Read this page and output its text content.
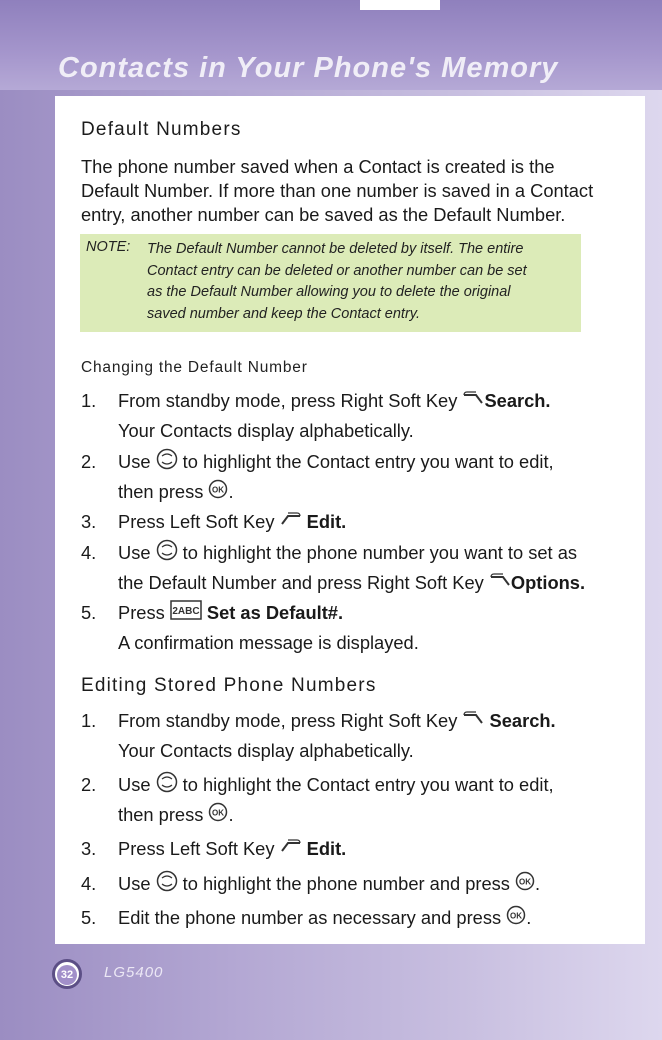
Contacts in Your Phone's Memory
Default Numbers
The phone number saved when a Contact is created is the
Default Number. If more than one number is saved in a Contact
entry, another number can be saved as the Default Number.
NOTE: The Default Number cannot be deleted by itself. The entire
Contact entry can be deleted or another number can be set
as the Default Number allowing you to delete the original
saved number and keep the Contact entry.
Changing the Default Number
1. From standby mode, press Right Soft Key Search.
Your Contacts display alphabetically.
2. Use  to highlight the Contact entry you want to edit,
then press OK .
3. Press Left Soft Key  Edit.
4. Use  to highlight the phone number you want to set as
the Default Number and press Right Soft Key Options.
5. Press 2ABC Set as Default#.
A confirmation message is displayed.
Editing Stored Phone Numbers
1. From standby mode, press Right Soft Key  Search.
Your Contacts display alphabetically.
2. Use  to highlight the Contact entry you want to edit,
then press OK .
3. Press Left Soft Key  Edit.
4. Use  to highlight the phone number and press OK .
5. Edit the phone number as necessary and press OK .
32 LG5400
